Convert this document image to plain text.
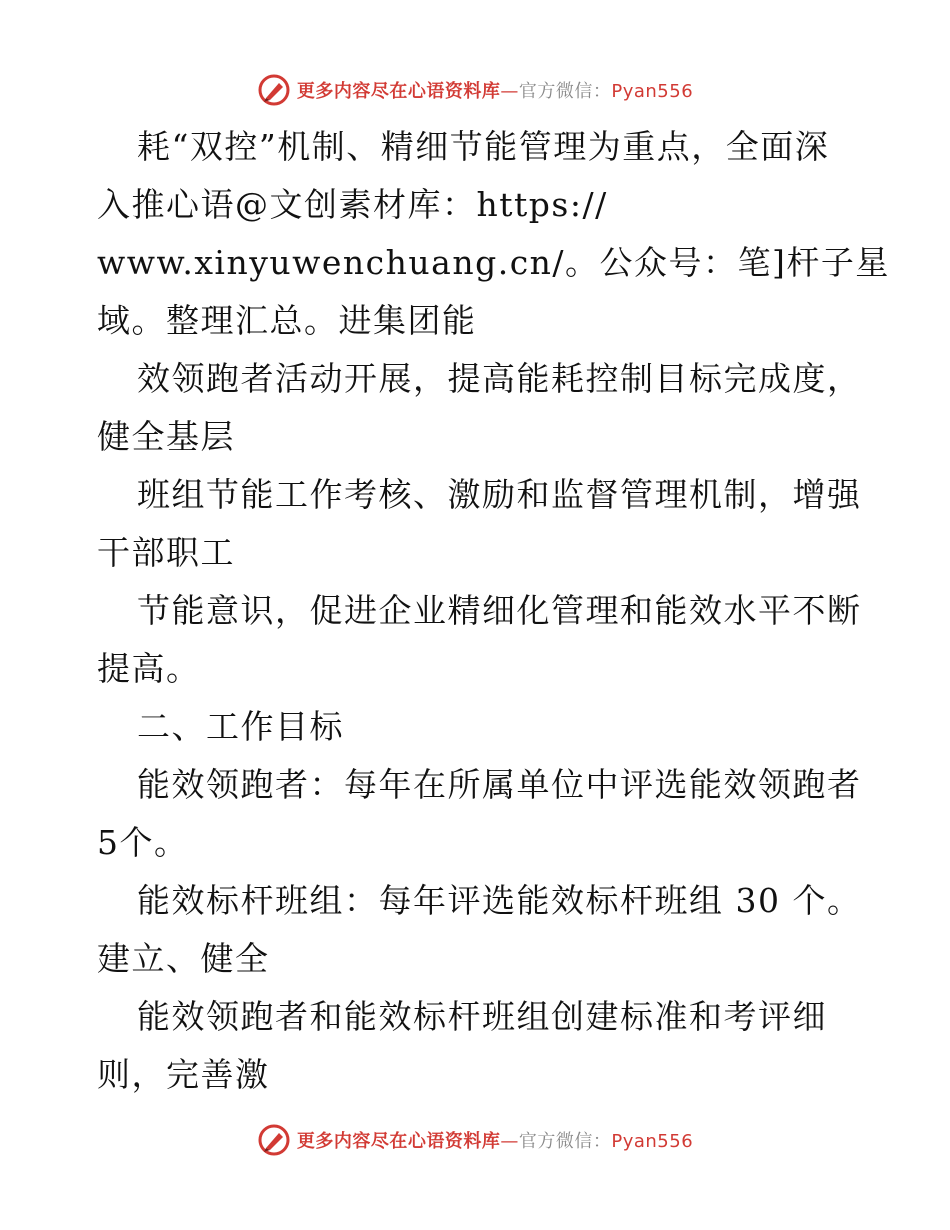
更多内容尽在心语资料库—官方微信：Pyan556
耗“双控”机制、精细节能管理为重点，全面深
入推心语@文创素材库：https://
www.xinyuwenchuang.cn/。公众号：笔]杆子星
域。整理汇总。进集团能
效领跑者活动开展，提高能耗控制目标完成度，
健全基层
班组节能工作考核、激励和监督管理机制，增强
干部职工
节能意识，促进企业精细化管理和能效水平不断
提高。
二、工作目标
能效领跑者：每年在所属单位中评选能效领跑者
5个。
能效标杆班组：每年评选能效标杆班组 30 个。
建立、健全
能效领跑者和能效标杆班组创建标准和考评细
则，完善激
更多内容尽在心语资料库—官方微信：Pyan556
